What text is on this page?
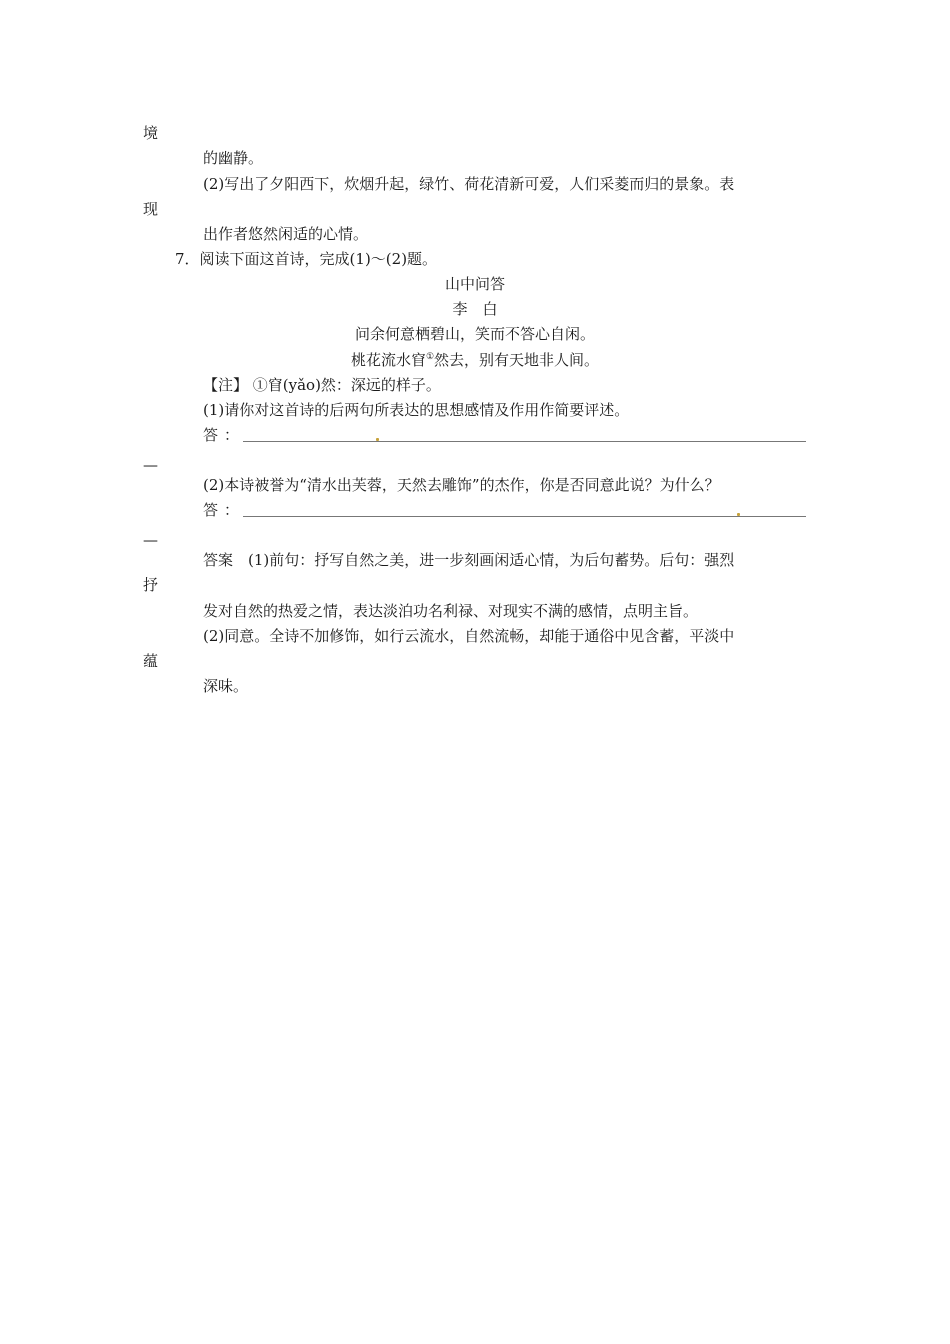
境
的幽静。
(2)写出了夕阳西下，炊烟升起，绿竹、荷花清新可爱，人们采菱而归的景象。表
现
出作者悠然闲适的心情。
7．阅读下面这首诗，完成(1)～(2)题。
山中问答
李　白
问余何意栖碧山，笑而不答心自闲。
桃花流水窅①然去，别有天地非人间。
【注】 ①窅(yǎo)然：深远的样子。
(1)请你对这首诗的后两句所表达的思想感情及作用作简要评述。
答：
—
(2)本诗被誉为“清水出芙蓉，天然去雕饰”的杰作，你是否同意此说？为什么？
答：
—
答案　(1)前句：抒写自然之美，进一步刻画闲适心情，为后句蓄势。后句：强烈
抒
发对自然的热爱之情，表达淡泊功名利禄、对现实不满的感情，点明主旨。
(2)同意。全诗不加修饰，如行云流水，自然流畅，却能于通俗中见含蓄，平淡中
蕴
深味。
